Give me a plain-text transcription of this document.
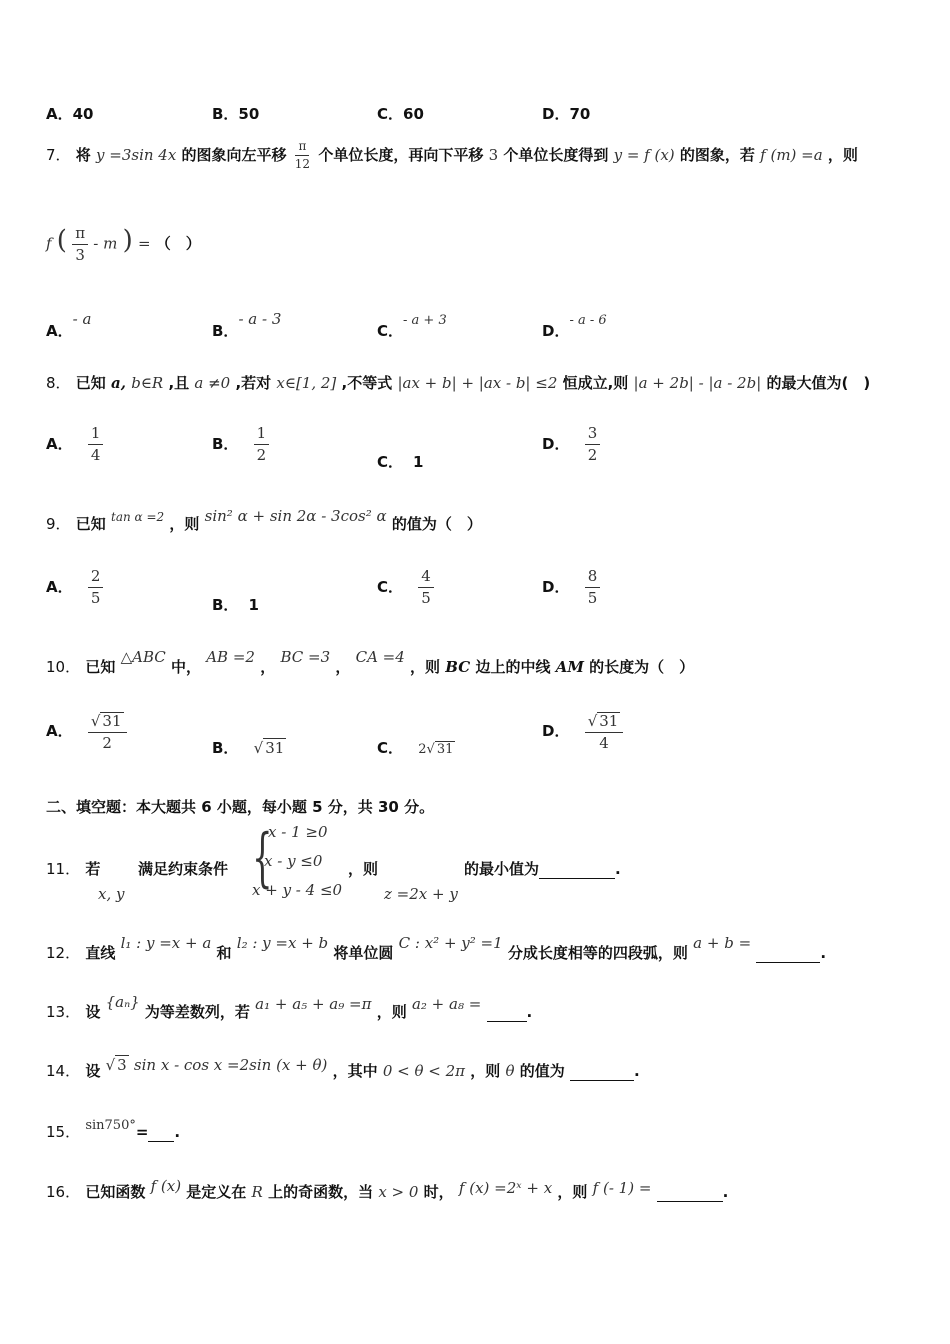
A．40	B．50	C．60	D．70
7． 将 y =3sin 4x 的图象向左平移 $\frac{\pi}{12}$ 个单位长度，再向下平移 3 个单位长度得到 y = f (x) 的图象，若 f (m) =a ，则
f ( $\frac{\pi}{3}$ - m ) = （　）
A．- a
B．- a - 3
C．- a + 3
D．- a - 6
8． 已知 a, b∈R ,且 a ≠0 ,若对 x∈[1, 2] ,不等式 |ax + b| + |ax - b| ≤2 恒成立,则 |a + 2b| - |a - 2b| 的最大值为(　)
A． $\frac{1}{4}$	B． $\frac{1}{2}$	C． 1
D． $\frac{3}{2}$
9． 已知 $^{tan \alpha =2}$ ，则 sin² α + sin 2α - 3cos² α 的值为（　）
A． $\frac{2}{5}$	B． 1
C． $\frac{4}{5}$	D． $\frac{8}{5}$
10． 已知 △ABC 中， AB =2 ， BC =3 ， CA =4 ，则 BC 边上的中线 AM 的长度为（　）
A． $\frac{√ 31}{2}$	B． √ 31	C． 2√ 31
D． $\frac{√ 31}{4}$
二、填空题：本大题共 6 小题，每小题 5 分，共 30 分。
11． 若
x, y
满足约束条件 {
x - 1 ≥0
x - y ≤0
x + y - 4 ≤0
，则
z =2x + y
的最小值为	.
12． 直线 l₁ : y =x + a 和 l₂ : y =x + b 将单位圆 C : x² + y² =1 分成长度相等的四段弧，则 a + b = .
13． 设 {aₙ} 为等差数列，若 a₁ + a₅ + a₉ =π ，则 a₂ + a₈ =	.
14． 设 √ 3 sin x - cos x =2sin (x + θ) ，其中 0 < θ < 2π ，则 θ 的值为	.
15． sin750°= .
16． 已知函数 f (x) 是定义在 R 上的奇函数，当 x > 0 时， f (x) =2ˣ + x ，则 f (- 1) =	.
